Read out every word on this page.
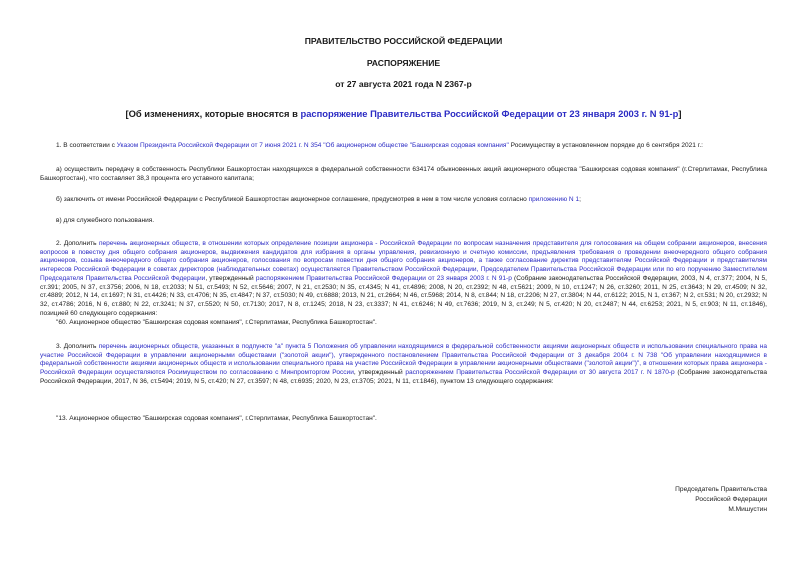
ПРАВИТЕЛЬСТВО РОССИЙСКОЙ ФЕДЕРАЦИИ
РАСПОРЯЖЕНИЕ
от 27 августа 2021 года N 2367-р
[Об изменениях, которые вносятся в распоряжение Правительства Российской Федерации от 23 января 2003 г. N 91-р]

1. В соответствии с Указом Президента Российской Федерации от 7 июня 2021 г. N 354 "Об акционерном обществе "Башкирская содовая компания" Росимуществу в установленном порядке до 6 сентября 2021 г.:

а) осуществить передачу в собственность Республики Башкортостан находящихся в федеральной собственности 634174 обыкновенных акций акционерного общества "Башкирская содовая компания" (г.Стерлитамак, Республика Башкортостан), что составляет 38,3 процента его уставного капитала;

б) заключить от имени Российской Федерации с Республикой Башкортостан акционерное соглашение, предусмотрев в нем в том числе условия согласно приложению N 1;

в) для служебного пользования.

2. Дополнить перечень акционерных обществ, в отношении которых определение позиции акционера - Российской Федерации по вопросам назначения представителя для голосования на общем собрании акционеров, внесения вопросов в повестку дня общего собрания акционеров, выдвижения кандидатов для избрания в органы управления, ревизионную и счетную комиссии, предъявления требования о проведении внеочередного общего собрания акционеров, созыва внеочередного общего собрания акционеров, голосования по вопросам повестки дня общего собрания акционеров, а также согласование директив представителям Российской Федерации и представителям интересов Российской Федерации в советах директоров (наблюдательных советах) осуществляется Правительством Российской Федерации, Председателем Правительства Российской Федерации или по его поручению Заместителем Председателя Правительства Российской Федерации, утвержденный распоряжением Правительства Российской Федерации от 23 января 2003 г. N 91-р (Собрание законодательства Российской Федерации, 2003, N 4, ст.377; 2004, N 5, ст.391; 2005, N 37, ст.3756; 2006, N 18, ст.2033; N 51, ст.5493; N 52, ст.5646; 2007, N 21, ст.2530; N 35, ст.4345; N 41, ст.4896; 2008, N 20, ст.2392; N 48, ст.5621; 2009, N 10, ст.1247; N 26, ст.3260; 2011, N 25, ст.3643; N 29, ст.4509; N 32, ст.4889; 2012, N 14, ст.1697; N 31, ст.4426; N 33, ст.4706; N 35, ст.4847; N 37, ст.5030; N 49, ст.6888; 2013, N 21, ст.2664; N 46, ст.5968; 2014, N 8, ст.844; N 18, ст.2206; N 27, ст.3804; N 44, ст.6122; 2015, N 1, ст.367; N 2, ст.531; N 20, ст.2932; N 32, ст.4786; 2016, N 6, ст.880; N 22, ст.3241; N 37, ст.5520; N 50, ст.7130; 2017, N 8, ст.1245; 2018, N 23, ст.3337; N 41, ст.6246; N 49, ст.7636; 2019, N 3, ст.249; N 5, ст.420; N 20, ст.2487; N 44, ст.6253; 2021, N 5, ст.903; N 11, ст.1846), позицией 60 следующего содержания:

"60. Акционерное общество "Башкирская содовая компания", г.Стерлитамак, Республика Башкортостан".

3. Дополнить перечень акционерных обществ, указанных в подпункте "а" пункта 5 Положения об управлении находящимися в федеральной собственности акциями акционерных обществ и использовании специального права на участие Российской Федерации в управлении акционерными обществами ("золотой акции"), утвержденного постановлением Правительства Российской Федерации от 3 декабря 2004 г. N 738 "Об управлении находящимися в федеральной собственности акциями акционерных обществ и использовании специального права на участие Российской Федерации в управлении акционерными обществами ("золотой акции")", в отношении которых права акционера - Российской Федерации осуществляются Росимуществом по согласованию с Минпромторгом России, утвержденный распоряжением Правительства Российской Федерации от 30 августа 2017 г. N 1870-р (Собрание законодательства Российской Федерации, 2017, N 36, ст.5494; 2019, N 5, ст.420; N 27, ст.3597; N 48, ст.6935; 2020, N 23, ст.3705; 2021, N 11, ст.1846), пунктом 13 следующего содержания:

"13. Акционерное общество "Башкирская содовая компания", г.Стерлитамак, Республика Башкортостан".

Председатель Правительства
Российской Федерации
М.Мишустин
